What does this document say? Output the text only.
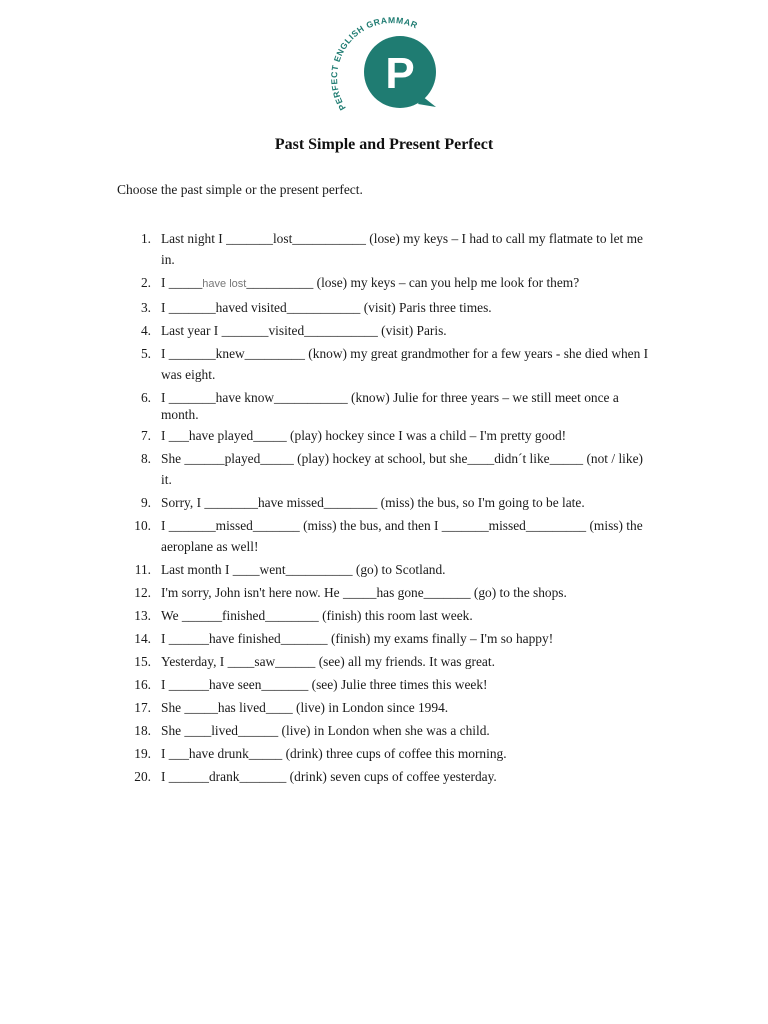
PERFECT ENGLISH GRAMMAR
P
Past Simple and Present Perfect
Choose the past simple or the present perfect.
1. Last night I _______lost___________ (lose) my keys – I had to call my flatmate to let me in.
2. I _____have lost__________ (lose) my keys – can you help me look for them?
3. I _______haved visited___________ (visit) Paris three times.
4. Last year I _______visited___________ (visit) Paris.
5. I _______knew_________ (know) my great grandmother for a few years - she died when I was eight.
6. I _______have know___________ (know) Julie for three years – we still meet once a month.
7. I ___have played_____ (play) hockey since I was a child – I'm pretty good!
8. She ______played_____ (play) hockey at school, but she____didn´t like_____ (not / like) it.
9. Sorry, I ________have missed________ (miss) the bus, so I'm going to be late.
10. I _______missed_______ (miss) the bus, and then I _______missed_________ (miss) the aeroplane as well!
11. Last month I ____went__________ (go) to Scotland.
12. I'm sorry, John isn't here now. He _____has gone_______ (go) to the shops.
13. We ______finished________ (finish) this room last week.
14. I ______have finished_______ (finish) my exams finally – I'm so happy!
15. Yesterday, I ____saw______ (see) all my friends. It was great.
16. I ______have seen_______ (see) Julie three times this week!
17. She _____has lived____ (live) in London since 1994.
18. She ____lived______ (live) in London when she was a child.
19. I ___have drunk_____ (drink) three cups of coffee this morning.
20. I ______drank_______ (drink) seven cups of coffee yesterday.
